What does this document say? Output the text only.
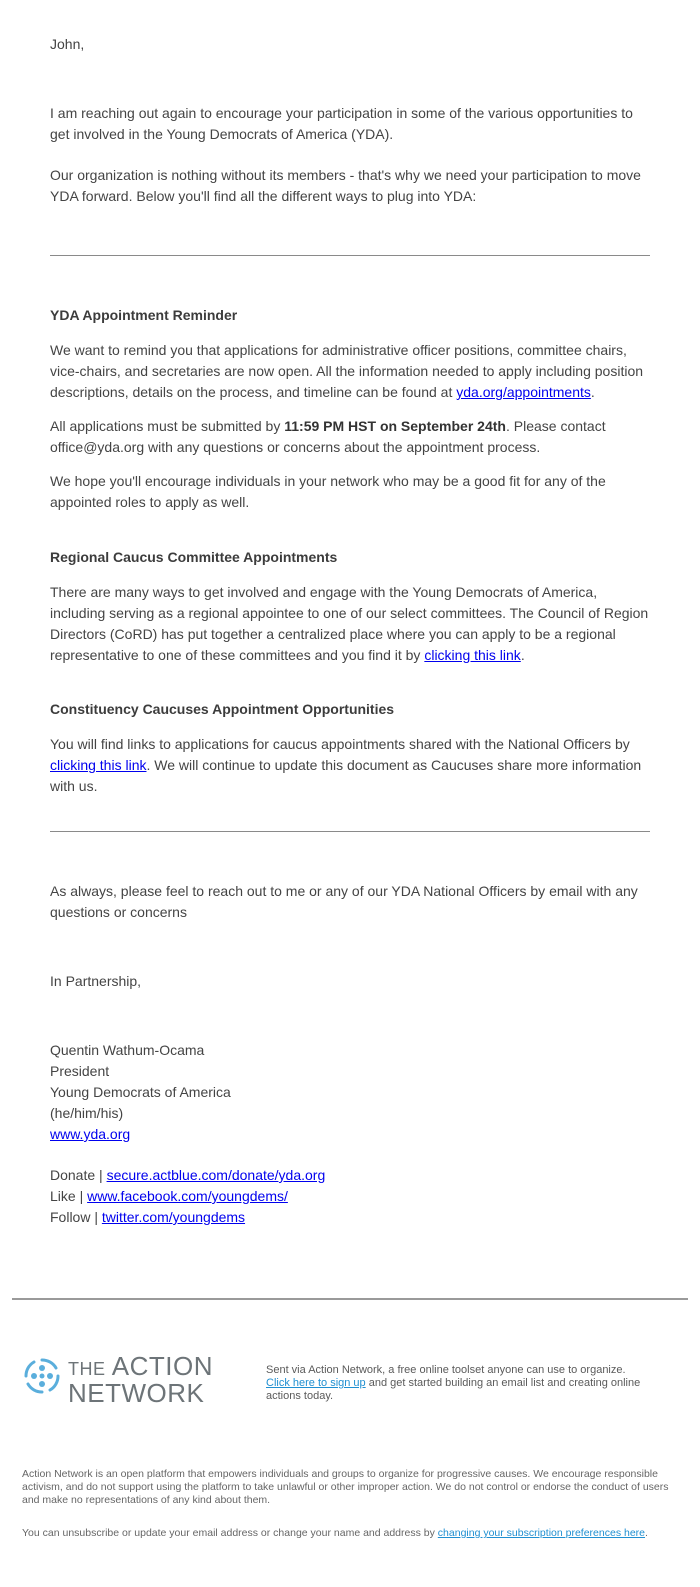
John,

I am reaching out again to encourage your participation in some of the various opportunities to get involved in the Young Democrats of America (YDA).

Our organization is nothing without its members - that's why we need your participation to move YDA forward. Below you'll find all the different ways to plug into YDA:

YDA Appointment Reminder

We want to remind you that applications for administrative officer positions, committee chairs, vice-chairs, and secretaries are now open. All the information needed to apply including position descriptions, details on the process, and timeline can be found at yda.org/appointments.

All applications must be submitted by 11:59 PM HST on September 24th. Please contact office@yda.org with any questions or concerns about the appointment process.

We hope you'll encourage individuals in your network who may be a good fit for any of the appointed roles to apply as well.

Regional Caucus Committee Appointments

There are many ways to get involved and engage with the Young Democrats of America, including serving as a regional appointee to one of our select committees. The Council of Region Directors (CoRD) has put together a centralized place where you can apply to be a regional representative to one of these committees and you find it by clicking this link.

Constituency Caucuses Appointment Opportunities

You will find links to applications for caucus appointments shared with the National Officers by clicking this link. We will continue to update this document as Caucuses share more information with us.

As always, please feel to reach out to me or any of our YDA National Officers by email with any questions or concerns

In Partnership,

Quentin Wathum-Ocama
President
Young Democrats of America
(he/him/his)
www.yda.org
Donate | secure.actblue.com/donate/yda.org
Like | www.facebook.com/youngdems/
Follow | twitter.com/youngdems
THE ACTION
NETWORK
Sent via Action Network, a free online toolset anyone can use to organize.
Click here to sign up and get started building an email list and creating online actions today.
Action Network is an open platform that empowers individuals and groups to organize for progressive causes. We encourage responsible activism, and do not support using the platform to take unlawful or other improper action. We do not control or endorse the conduct of users and make no representations of any kind about them.
You can unsubscribe or update your email address or change your name and address by changing your subscription preferences here.
